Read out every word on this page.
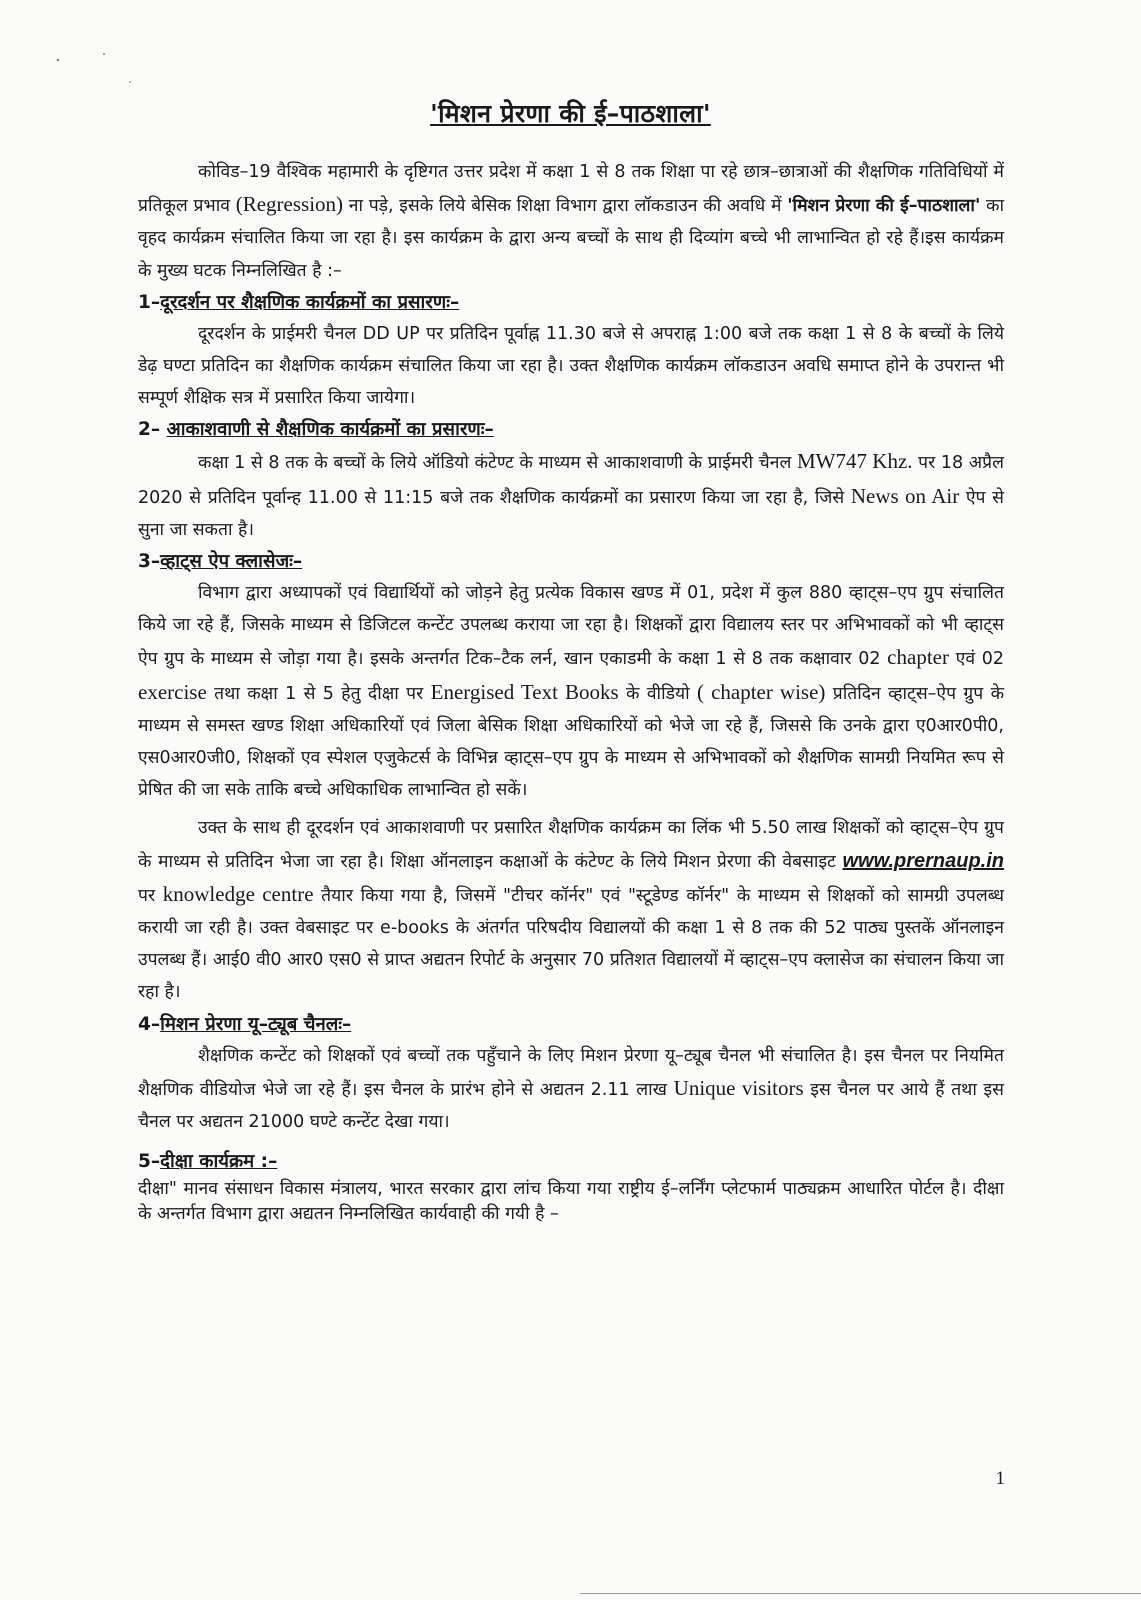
'मिशन प्रेरणा की ई–पाठशाला'

कोविड–19 वैश्विक महामारी के दृष्टिगत उत्तर प्रदेश में कक्षा 1 से 8 तक शिक्षा पा रहे छात्र–छात्राओं की शैक्षणिक गतिविधियों में प्रतिकूल प्रभाव (Regression) ना पड़े, इसके लिये बेसिक शिक्षा विभाग द्वारा लॉकडाउन की अवधि में 'मिशन प्रेरणा की ई–पाठशाला' का वृहद कार्यक्रम संचालित किया जा रहा है। इस कार्यक्रम के द्वारा अन्य बच्चों के साथ ही दिव्यांग बच्चे भी लाभान्वित हो रहे हैं।इस कार्यक्रम के मुख्य घटक निम्नलिखित है :–

1–दूरदर्शन पर शैक्षणिक कार्यक्रमों का प्रसारणः–

दूरदर्शन के प्राईमरी चैनल DD UP पर प्रतिदिन पूर्वाह्न 11.30 बजे से अपराह्न 1:00 बजे तक कक्षा 1 से 8 के बच्चों के लिये डेढ़ घण्टा प्रतिदिन का शैक्षणिक कार्यक्रम संचालित किया जा रहा है। उक्त शैक्षणिक कार्यक्रम लॉकडाउन अवधि समाप्त होने के उपरान्त भी सम्पूर्ण शैक्षिक सत्र में प्रसारित किया जायेगा।

2– आकाशवाणी से शैक्षणिक कार्यक्रमों का प्रसारणः–

कक्षा 1 से 8 तक के बच्चों के लिये ऑडियो कंटेण्ट के माध्यम से आकाशवाणी के प्राईमरी चैनल MW747 Khz. पर 18 अप्रैल 2020 से प्रतिदिन पूर्वान्ह 11.00 से 11:15 बजे तक शैक्षणिक कार्यक्रमों का प्रसारण किया जा रहा है, जिसे News on Air ऐप से सुना जा सकता है।

3–व्हाट्स ऐप क्लासेजः–

विभाग द्वारा अध्यापकों एवं विद्यार्थियों को जोड़ने हेतु प्रत्येक विकास खण्ड में 01, प्रदेश में कुल 880 व्हाट्स–एप ग्रुप संचालित किये जा रहे हैं, जिसके माध्यम से डिजिटल कन्टेंट उपलब्ध कराया जा रहा है। शिक्षकों द्वारा विद्यालय स्तर पर अभिभावकों को भी व्हाट्स ऐप ग्रुप के माध्यम से जोड़ा गया है। इसके अन्तर्गत टिक–टैक लर्न, खान एकाडमी के कक्षा 1 से 8 तक कक्षावार 02 chapter एवं 02 exercise तथा कक्षा 1 से 5 हेतु दीक्षा पर Energised Text Books के वीडियो ( chapter wise) प्रतिदिन व्हाट्स–ऐप ग्रुप के माध्यम से समस्त खण्ड शिक्षा अधिकारियों एवं जिला बेसिक शिक्षा अधिकारियों को भेजे जा रहे हैं, जिससे कि उनके द्वारा ए0आर0पी0, एस0आर0जी0, शिक्षकों एव स्पेशल एजुकेटर्स के विभिन्न व्हाट्स–एप ग्रुप के माध्यम से अभिभावकों को शैक्षणिक सामग्री नियमित रूप से प्रेषित की जा सके ताकि बच्चे अधिकाधिक लाभान्वित हो सकें।

उक्त के साथ ही दूरदर्शन एवं आकाशवाणी पर प्रसारित शैक्षणिक कार्यक्रम का लिंक भी 5.50 लाख शिक्षकों को व्हाट्स–ऐप ग्रुप के माध्यम से प्रतिदिन भेजा जा रहा है। शिक्षा ऑनलाइन कक्षाओं के कंटेण्ट के लिये मिशन प्रेरणा की वेबसाइट www.prernaup.in पर knowledge centre तैयार किया गया है, जिसमें "टीचर कॉर्नर" एवं "स्टूडेण्ड कॉर्नर" के माध्यम से शिक्षकों को सामग्री उपलब्ध करायी जा रही है। उक्त वेबसाइट पर e-books के अंतर्गत परिषदीय विद्यालयों की कक्षा 1 से 8 तक की 52 पाठ्य पुस्तकें ऑनलाइन उपलब्ध हैं। आई0 वी0 आर0 एस0 से प्राप्त अद्यतन रिपोर्ट के अनुसार 70 प्रतिशत विद्यालयों में व्हाट्स–एप क्लासेज का संचालन किया जा रहा है।

4–मिशन प्रेरणा यू–ट्यूब चैनलः–

शैक्षणिक कन्टेंट को शिक्षकों एवं बच्चों तक पहुँचाने के लिए मिशन प्रेरणा यू–ट्यूब चैनल भी संचालित है। इस चैनल पर नियमित शैक्षणिक वीडियोज भेजे जा रहे हैं। इस चैनल के प्रारंभ होने से अद्यतन 2.11 लाख Unique visitors इस चैनल पर आये हैं तथा इस चैनल पर अद्यतन 21000 घण्टे कन्टेंट देखा गया।

5–दीक्षा कार्यक्रम :–

दीक्षा" मानव संसाधन विकास मंत्रालय, भारत सरकार द्वारा लांच किया गया राष्ट्रीय ई–लर्निंग प्लेटफार्म पाठ्यक्रम आधारित पोर्टल है। दीक्षा के अन्तर्गत विभाग द्वारा अद्यतन निम्नलिखित कार्यवाही की गयी है –

1
